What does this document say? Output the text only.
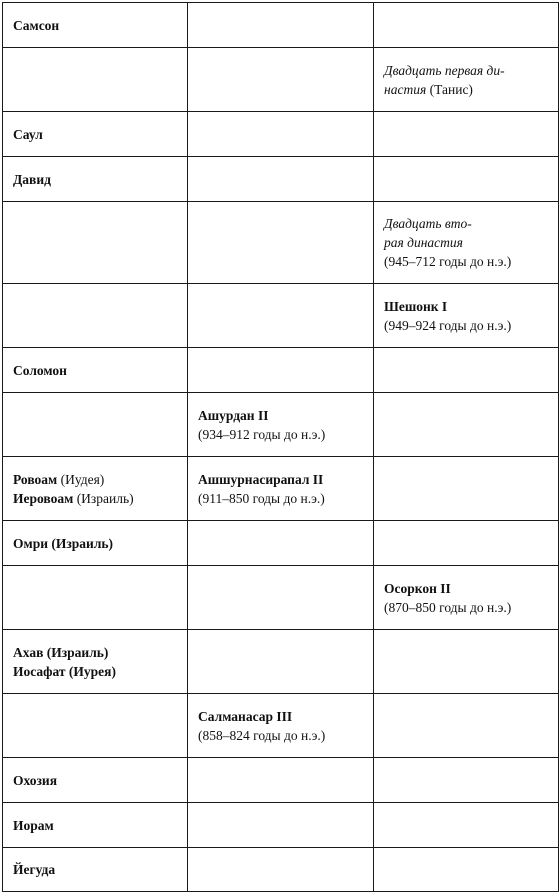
Самсон		

		Двадцать первая ди-
настия (Танис)

Саул		

Давид		

		Двадцать вто-
рая династия
(945–712 годы до н.э.)

		Шешонк I
(949–924 годы до н.э.)

Соломон		

	Ашурдан II
(934–912 годы до н.э.)	

Ровоам (Иудея)
Иеровоам (Израиль)	Ашшурнасирапал II
(911–850 годы до н.э.)	

Омри (Израиль)		

		Осоркон II
(870–850 годы до н.э.)

Ахав (Израиль)
Иосафат (Иурея)		

	Салманасар III
(858–824 годы до н.э.)	

Охозия		

Иорам		

Йегуда		
